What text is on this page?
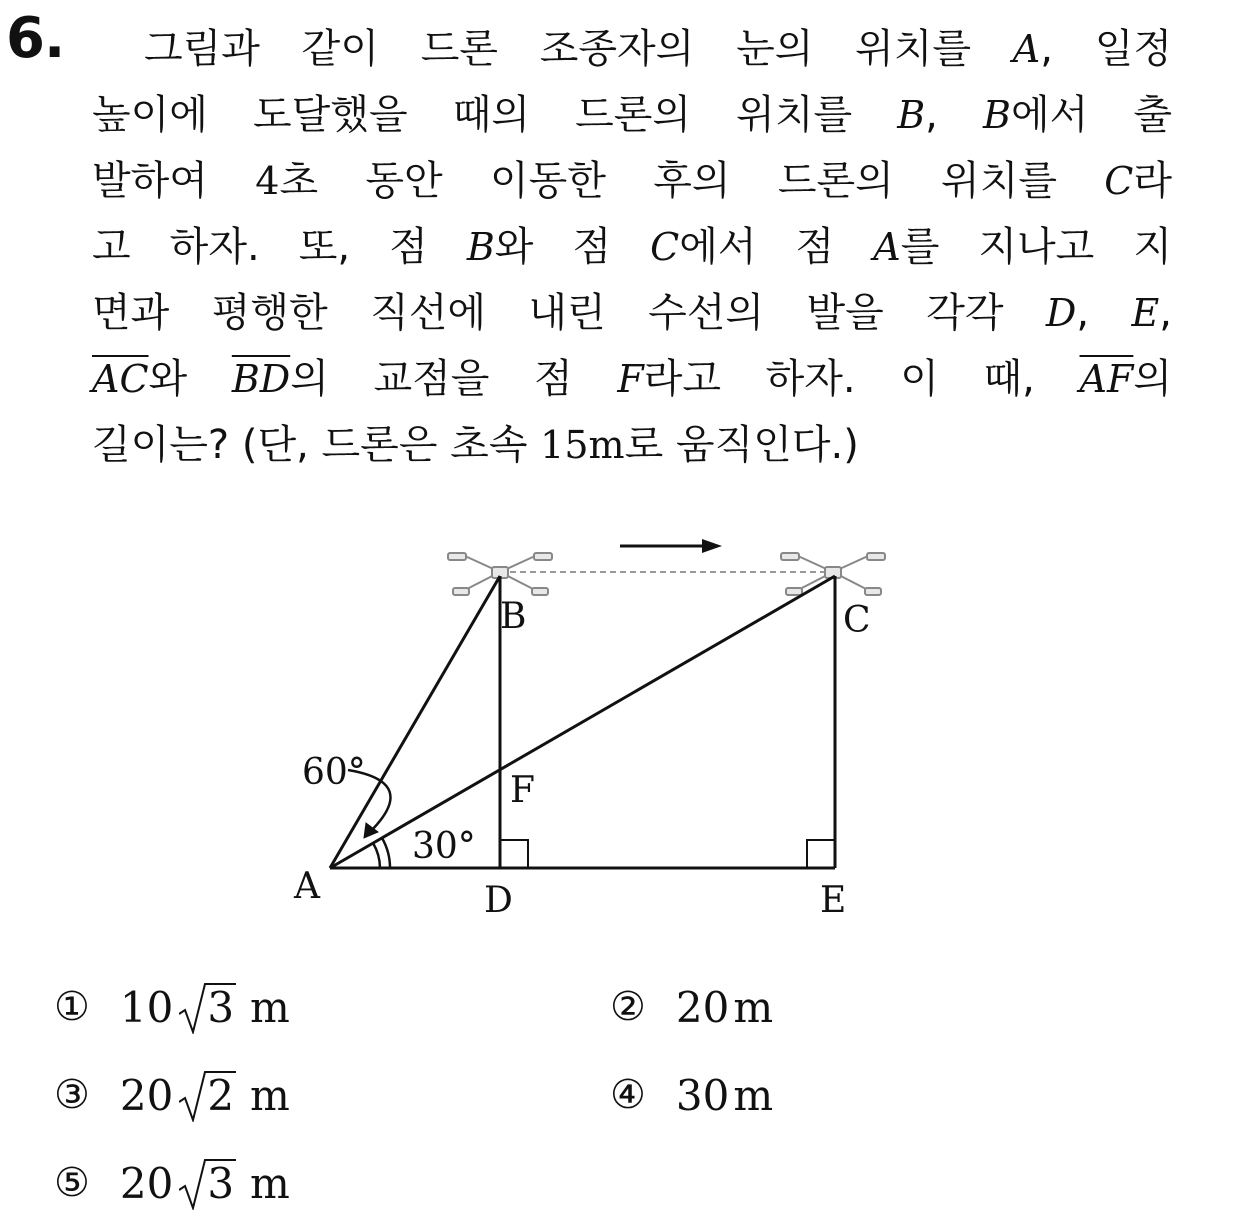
6.	그림과 같이 드론 조종자의 눈의 위치를 A, 일정
높이에 도달했을 때의 드론의 위치를 B, B에서 출
발하여 4초 동안 이동한 후의 드론의 위치를 C라
고 하자. 또, 점 B와 점 C에서 점 A를 지나고 지
면과 평행한 직선에 내린 수선의 발을 각각 D, E,
$\overline{AC}$와 $\overline{BD}$의 교점을 점 F라고 하자. 이 때, $\overline{AF}$의
길이는? (단, 드론은 초속 15m로 움직인다.)
B	C
F
A	D	E
60°
30°
① 10 3 m	② 20m
③ 20 2 m	④ 30m
⑤ 20 3 m
